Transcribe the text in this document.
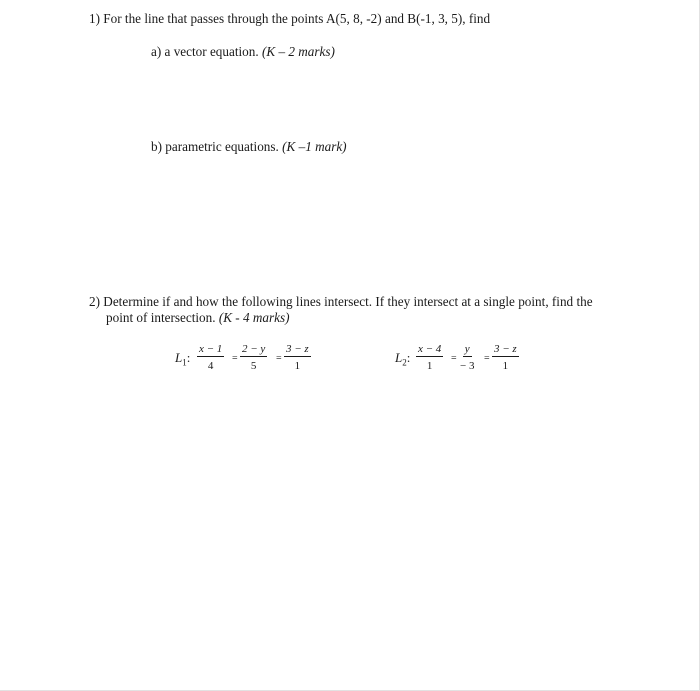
1) For the line that passes through the points A(5, 8, -2) and B(-1, 3, 5), find
a) a vector equation. (K – 2 marks)
b) parametric equations. (K –1 mark)
2) Determine if and how the following lines intersect. If they intersect at a single point, find the
point of intersection. (K - 4 marks)
$L_1$: $\frac{x - 1}{4} = \frac{2 - y}{5} = \frac{3 - z}{1}$	$L_2$: $\frac{x - 4}{1} = \frac{y}{- 3} = \frac{3 - z}{1}$
